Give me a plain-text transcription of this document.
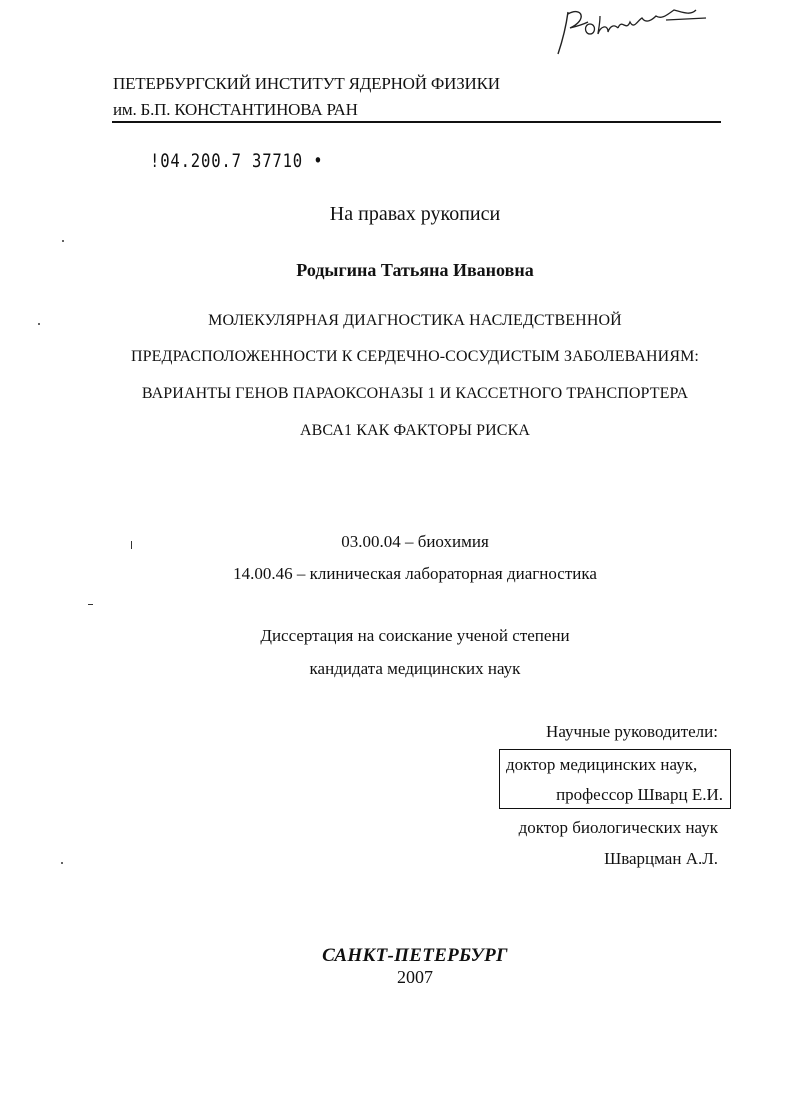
ПЕТЕРБУРГСКИЙ ИНСТИТУТ ЯДЕРНОЙ ФИЗИКИ
им. Б.П. КОНСТАНТИНОВА РАН
!04.200.7 37710 •
На правах рукописи
Родыгина Татьяна Ивановна
МОЛЕКУЛЯРНАЯ ДИАГНОСТИКА НАСЛЕДСТВЕННОЙ
ПРЕДРАСПОЛОЖЕННОСТИ К СЕРДЕЧНО-СОСУДИСТЫМ ЗАБОЛЕВАНИЯМ:
ВАРИАНТЫ ГЕНОВ ПАРАОКСОНАЗЫ 1 И КАССЕТНОГО ТРАНСПОРТЕРА
АВСА1 КАК ФАКТОРЫ РИСКА
03.00.04 – биохимия
14.00.46 – клиническая лабораторная диагностика
Диссертация на соискание ученой степени
кандидата медицинских наук
Научные руководители:
доктор медицинских наук,
профессор Шварц Е.И.
доктор биологических наук
Шварцман А.Л.
САНКТ-ПЕТЕРБУРГ
2007
